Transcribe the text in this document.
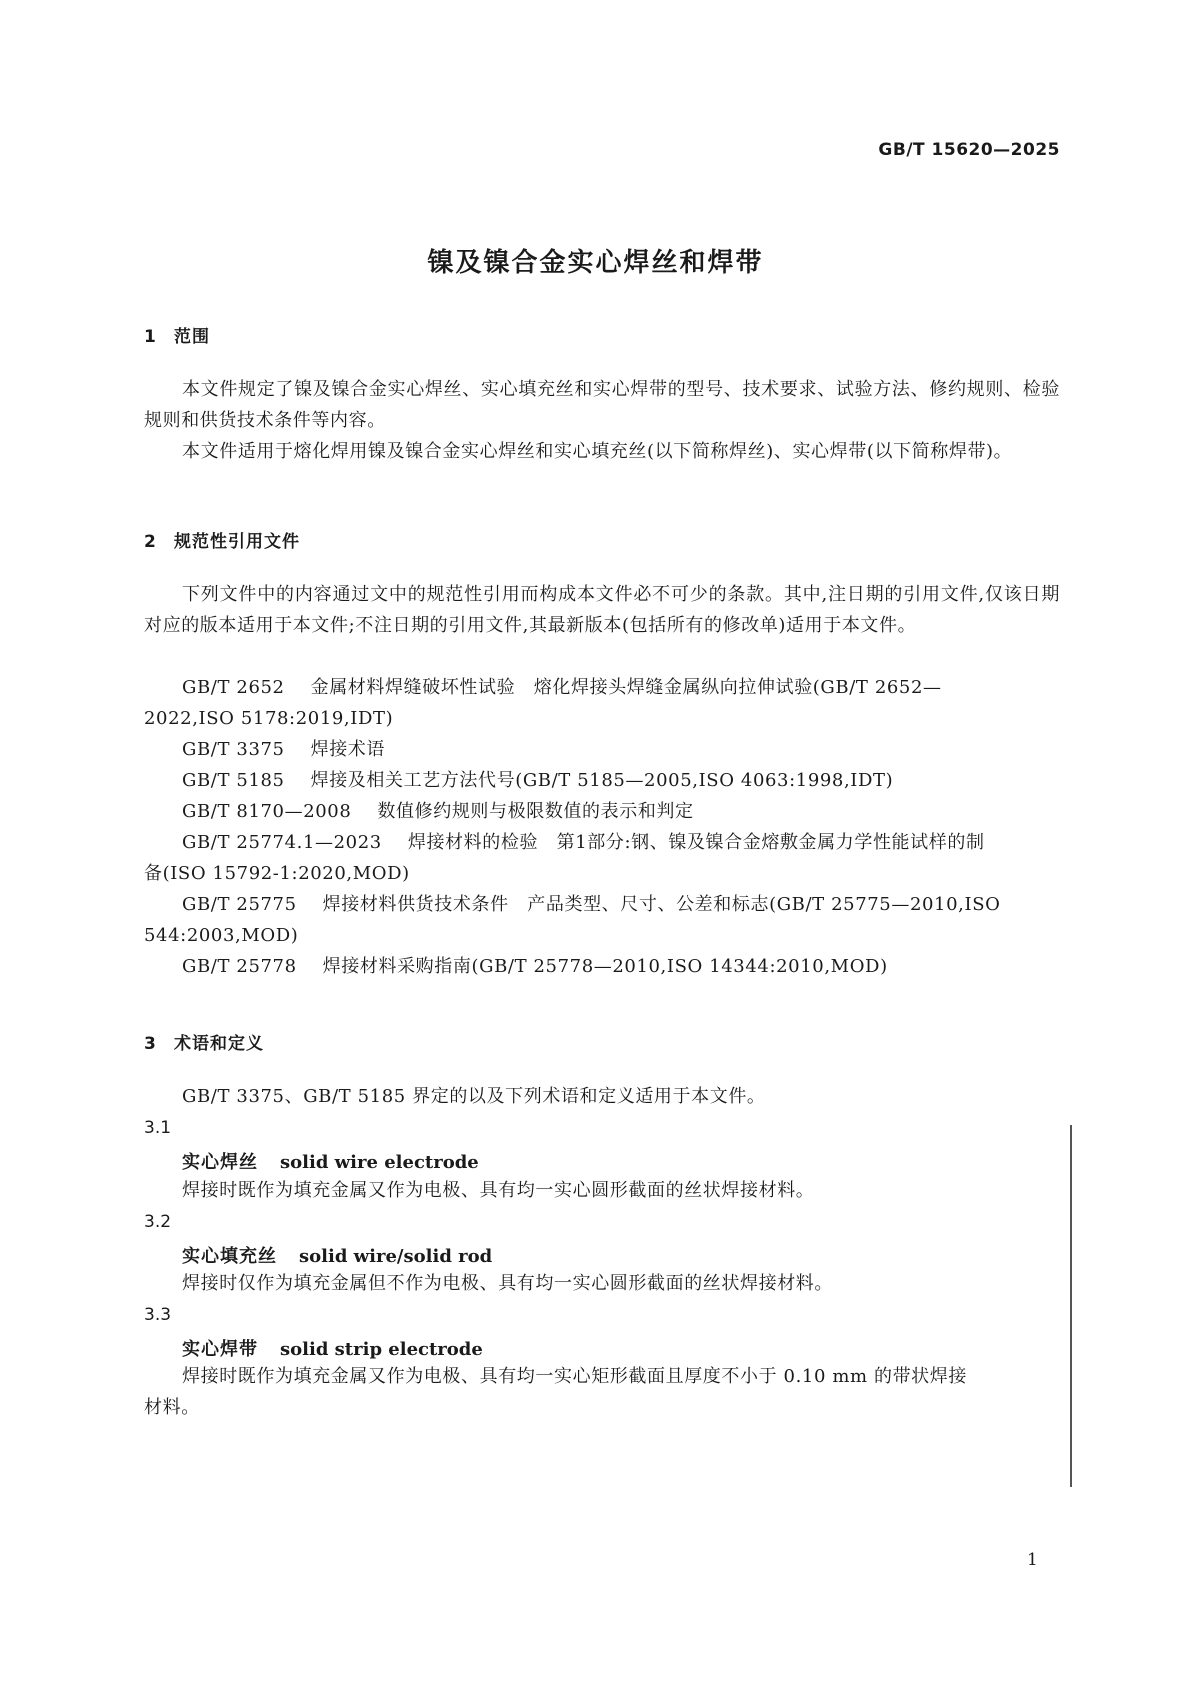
GB/T 15620—2025
镍及镍合金实心焊丝和焊带
1 范围
本文件规定了镍及镍合金实心焊丝、实心填充丝和实心焊带的型号、技术要求、试验方法、修约规则、检验规则和供货技术条件等内容。
本文件适用于熔化焊用镍及镍合金实心焊丝和实心填充丝(以下简称焊丝)、实心焊带(以下简称焊带)。
2 规范性引用文件
下列文件中的内容通过文中的规范性引用而构成本文件必不可少的条款。其中,注日期的引用文件,仅该日期对应的版本适用于本文件;不注日期的引用文件,其最新版本(包括所有的修改单)适用于本文件。
GB/T 2652 金属材料焊缝破坏性试验　熔化焊接头焊缝金属纵向拉伸试验(GB/T 2652—
2022,ISO 5178:2019,IDT)
GB/T 3375 焊接术语
GB/T 5185 焊接及相关工艺方法代号(GB/T 5185—2005,ISO 4063:1998,IDT)
GB/T 8170—2008 数值修约规则与极限数值的表示和判定
GB/T 25774.1—2023 焊接材料的检验　第1部分:钢、镍及镍合金熔敷金属力学性能试样的制
备(ISO 15792-1:2020,MOD)
GB/T 25775 焊接材料供货技术条件　产品类型、尺寸、公差和标志(GB/T 25775—2010,ISO
544:2003,MOD)
GB/T 25778 焊接材料采购指南(GB/T 25778—2010,ISO 14344:2010,MOD)
3 术语和定义
GB/T 3375、GB/T 5185 界定的以及下列术语和定义适用于本文件。
3.1
实心焊丝 solid wire electrode
焊接时既作为填充金属又作为电极、具有均一实心圆形截面的丝状焊接材料。
3.2
实心填充丝 solid wire/solid rod
焊接时仅作为填充金属但不作为电极、具有均一实心圆形截面的丝状焊接材料。
3.3
实心焊带 solid strip electrode
焊接时既作为填充金属又作为电极、具有均一实心矩形截面且厚度不小于 0.10 mm 的带状焊接
材料。
1
